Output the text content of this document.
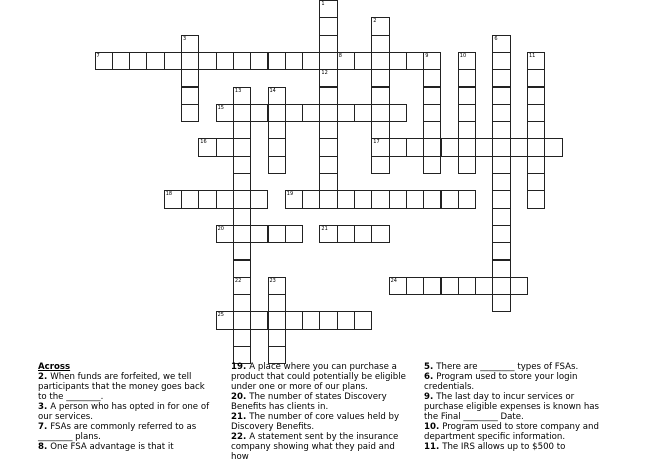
1
2
17
3	6
7	8	9	10	11
12
13	14
15
16
18	19
20	21
22	23	24
25

Across

2. When funds are forfeited, we tell participants that the money goes back to the ________.

3. A person who has opted in for one of our services.

7. FSAs are commonly referred to as ________ plans.

8. One FSA advantage is that it

19. A place where you can purchase a product that could potentially be eligible under one or more of our plans.

20. The number of states Discovery Benefits has clients in.

21. The number of core values held by Discovery Benefits.

22. A statement sent by the insurance company showing what they paid and how

5. There are ________ types of FSAs.

6. Program used to store your login credentials.

9. The last day to incur services or purchase eligible expenses is known has the Final ________ Date.

10. Program used to store company and department specific information.

11. The IRS allows up to $500 to
